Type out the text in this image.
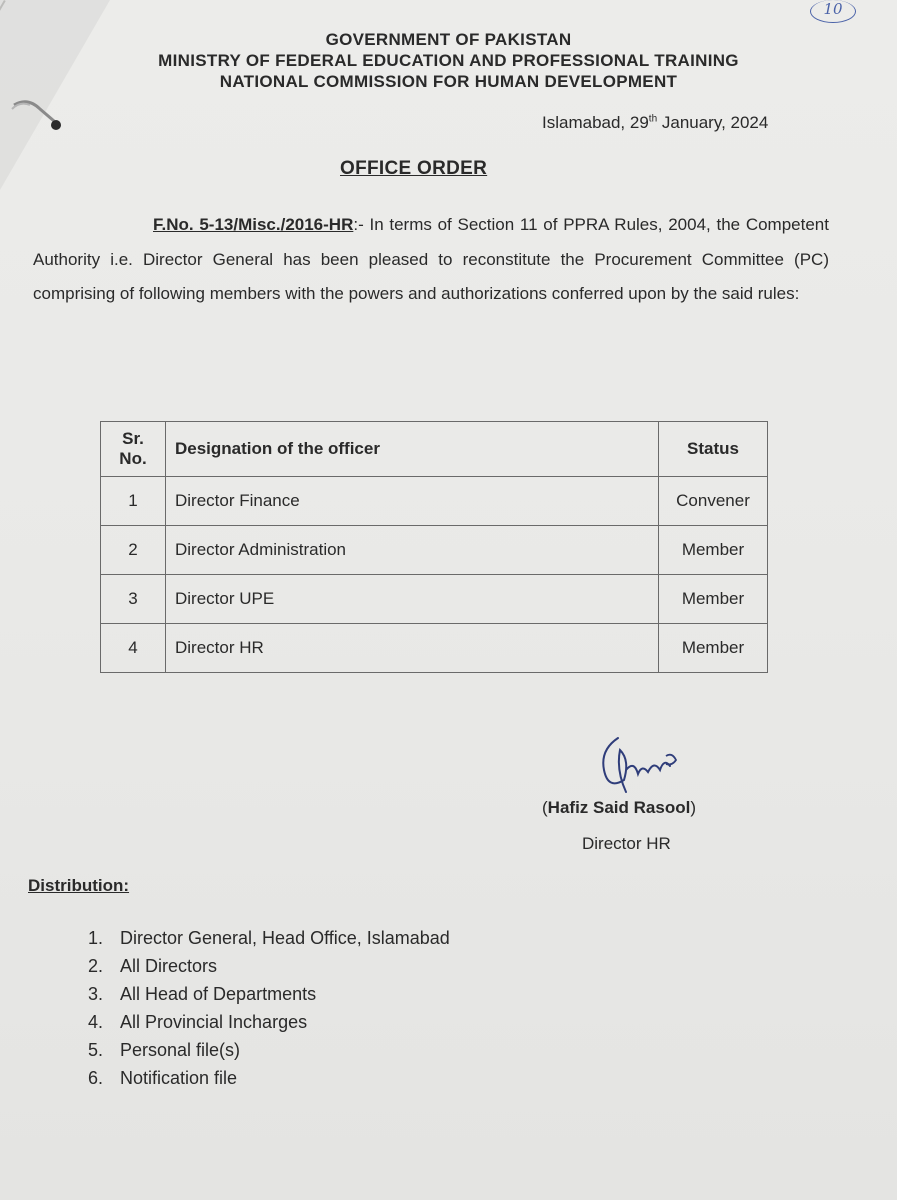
10
GOVERNMENT OF PAKISTAN
MINISTRY OF FEDERAL EDUCATION AND PROFESSIONAL TRAINING
NATIONAL COMMISSION FOR HUMAN DEVELOPMENT
Islamabad, 29th January, 2024
OFFICE ORDER
F.No. 5-13/Misc./2016-HR:- In terms of Section 11 of PPRA Rules, 2004, the Competent Authority i.e. Director General has been pleased to reconstitute the Procurement Committee (PC) comprising of following members with the powers and authorizations conferred upon by the said rules:
Sr.
No.	Designation of the officer	Status
1	Director Finance	Convener
2	Director Administration	Member
3	Director UPE	Member
4	Director HR	Member
(Hafiz Said Rasool)
Director HR
Distribution:
1. Director General, Head Office, Islamabad
2. All Directors
3. All Head of Departments
4. All Provincial Incharges
5. Personal file(s)
6. Notification file
